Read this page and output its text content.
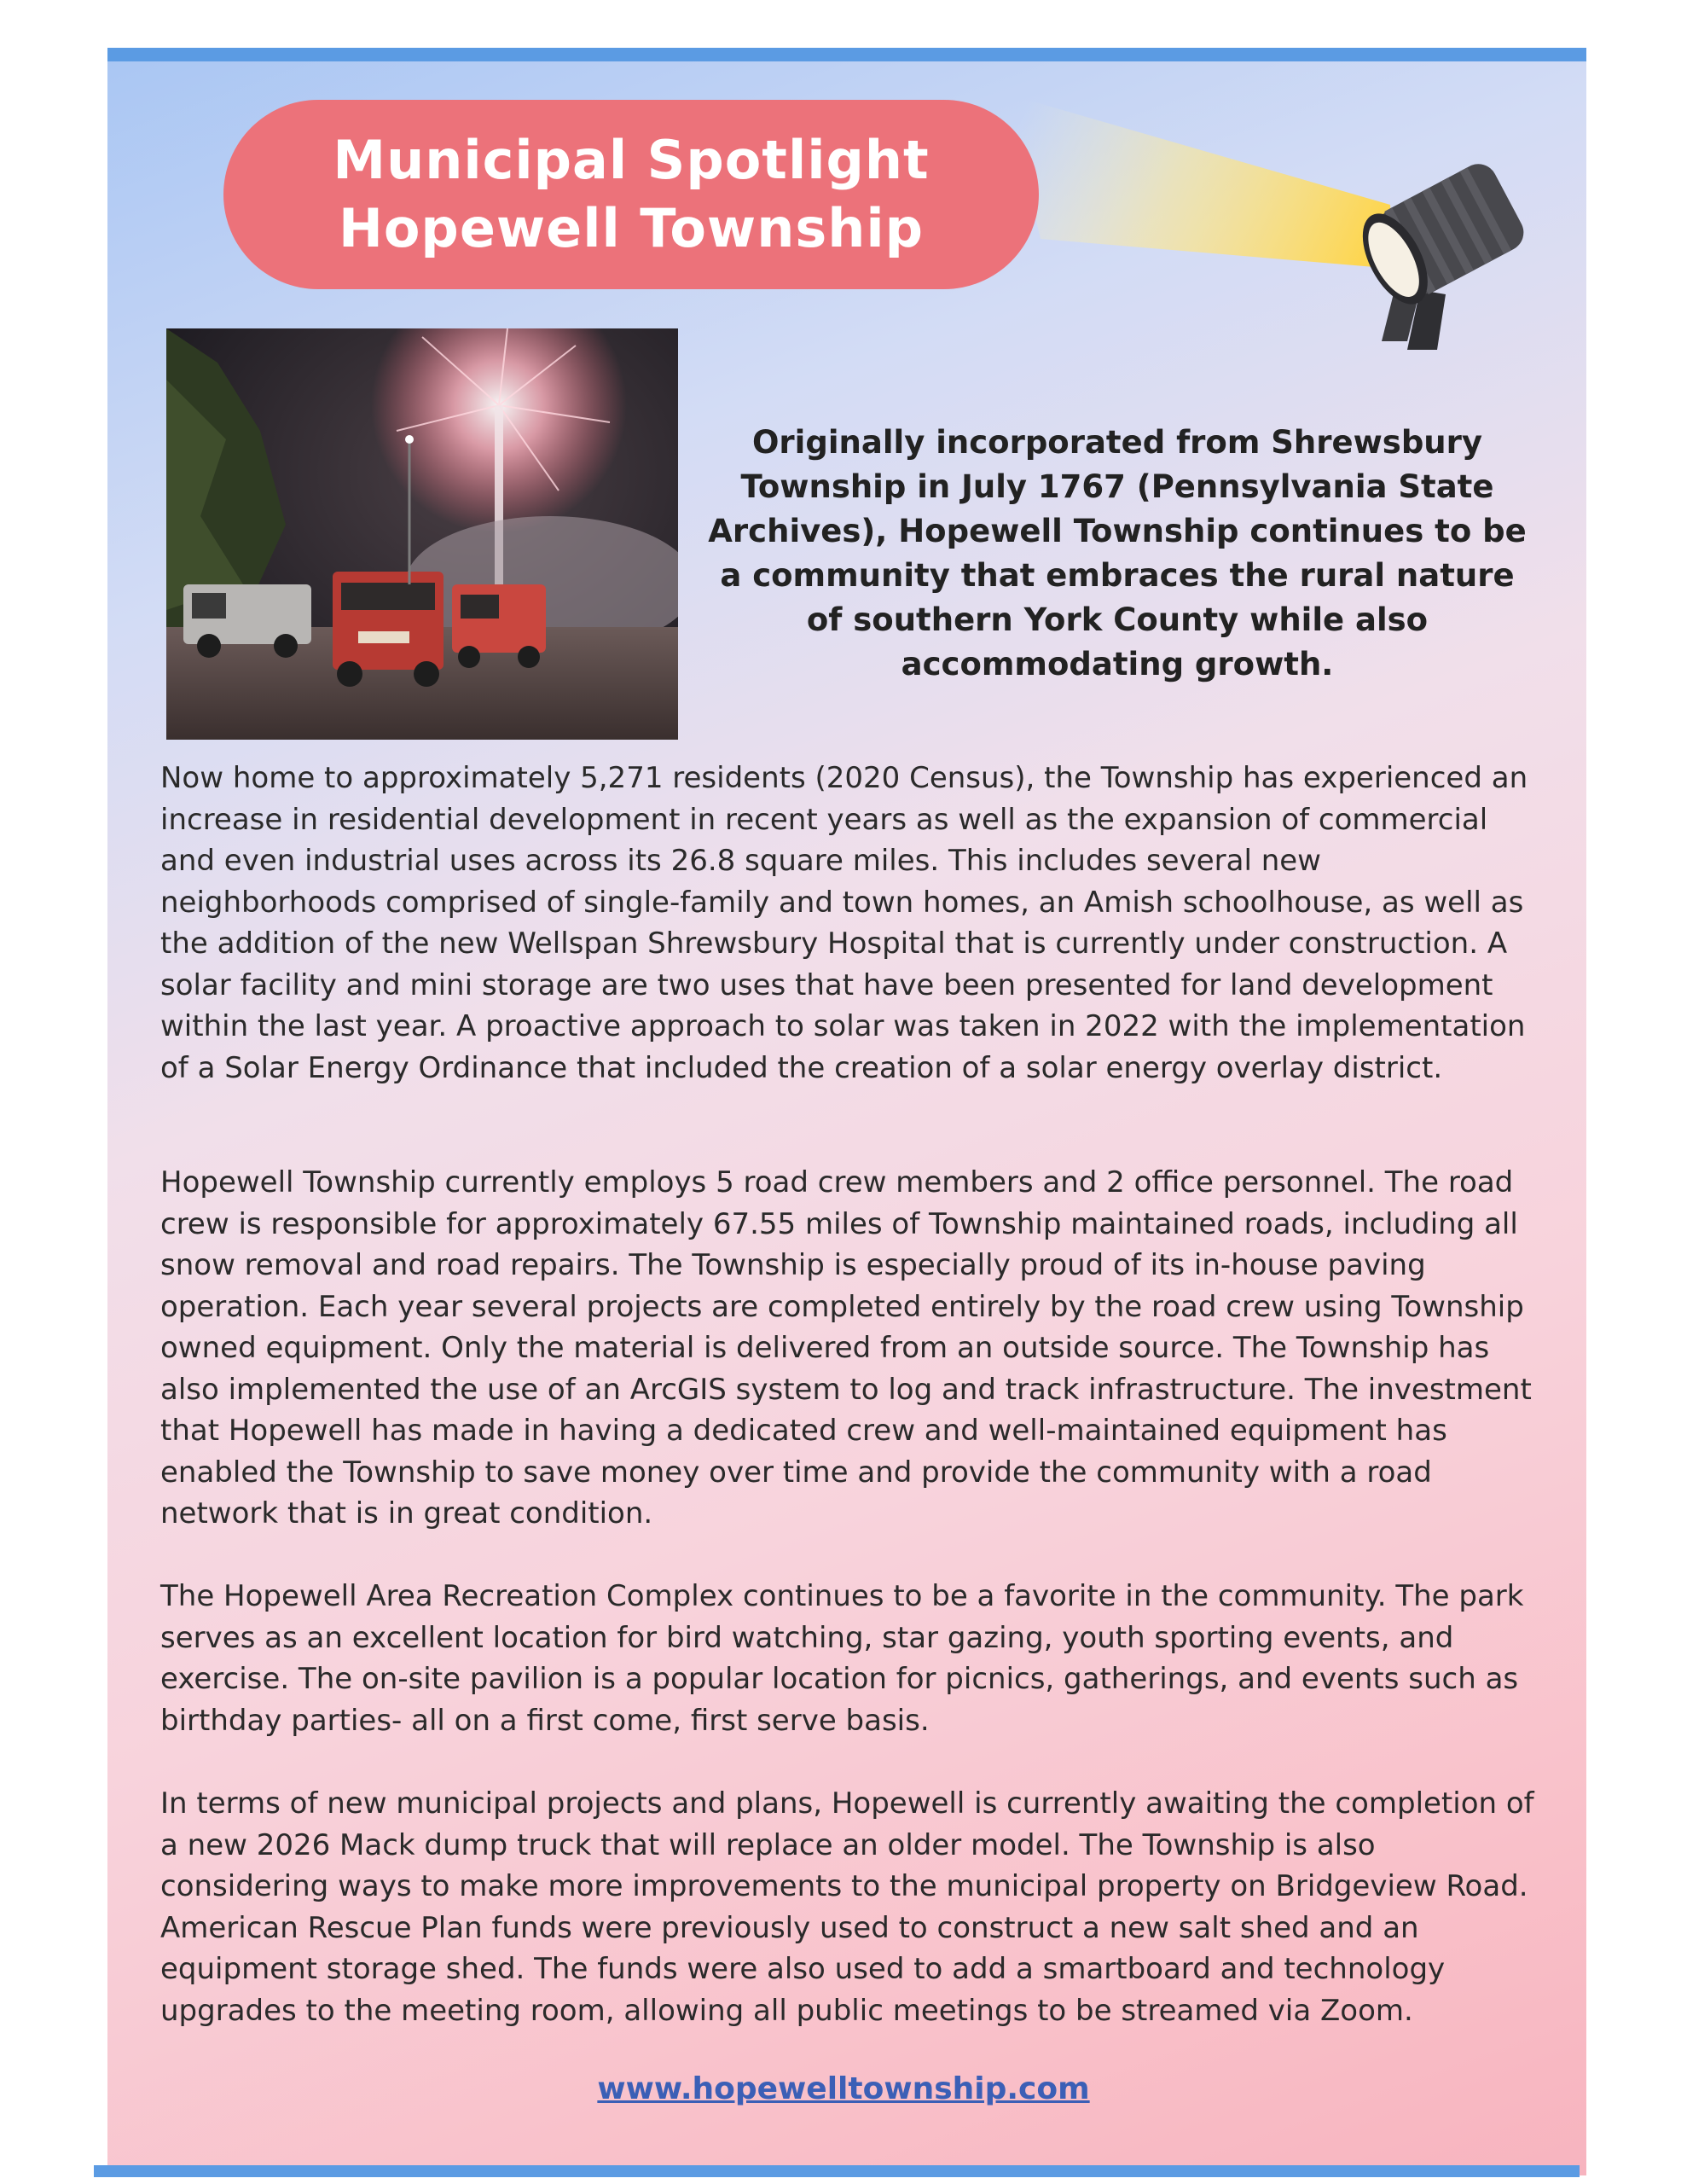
Municipal Spotlight
Hopewell Township
Originally incorporated from Shrewsbury Township in July 1767 (Pennsylvania State Archives), Hopewell Township continues to be a community that embraces the rural nature of southern York County while also accommodating growth.

Now home to approximately 5,271 residents (2020 Census), the Township has experienced an increase in residential development in recent years as well as the expansion of commercial and even industrial uses across its 26.8 square miles. This includes several new neighborhoods comprised of single-family and town homes, an Amish schoolhouse, as well as the addition of the new Wellspan Shrewsbury Hospital that is currently under construction. A solar facility and mini storage are two uses that have been presented for land development within the last year. A proactive approach to solar was taken in 2022 with the implementation of a Solar Energy Ordinance that included the creation of a solar energy overlay district.

Hopewell Township currently employs 5 road crew members and 2 office personnel. The road crew is responsible for approximately 67.55 miles of Township maintained roads, including all snow removal and road repairs. The Township is especially proud of its in-house paving operation. Each year several projects are completed entirely by the road crew using Township owned equipment. Only the material is delivered from an outside source. The Township has also implemented the use of an ArcGIS system to log and track infrastructure. The investment that Hopewell has made in having a dedicated crew and well-maintained equipment has enabled the Township to save money over time and provide the community with a road network that is in great condition.

The Hopewell Area Recreation Complex continues to be a favorite in the community. The park serves as an excellent location for bird watching, star gazing, youth sporting events, and exercise. The on-site pavilion is a popular location for picnics, gatherings, and events such as birthday parties- all on a first come, first serve basis.

In terms of new municipal projects and plans, Hopewell is currently awaiting the completion of a new 2026 Mack dump truck that will replace an older model. The Township is also considering ways to make more improvements to the municipal property on Bridgeview Road. American Rescue Plan funds were previously used to construct a new salt shed and an equipment storage shed. The funds were also used to add a smartboard and technology upgrades to the meeting room, allowing all public meetings to be streamed via Zoom.

www.hopewelltownship.com
